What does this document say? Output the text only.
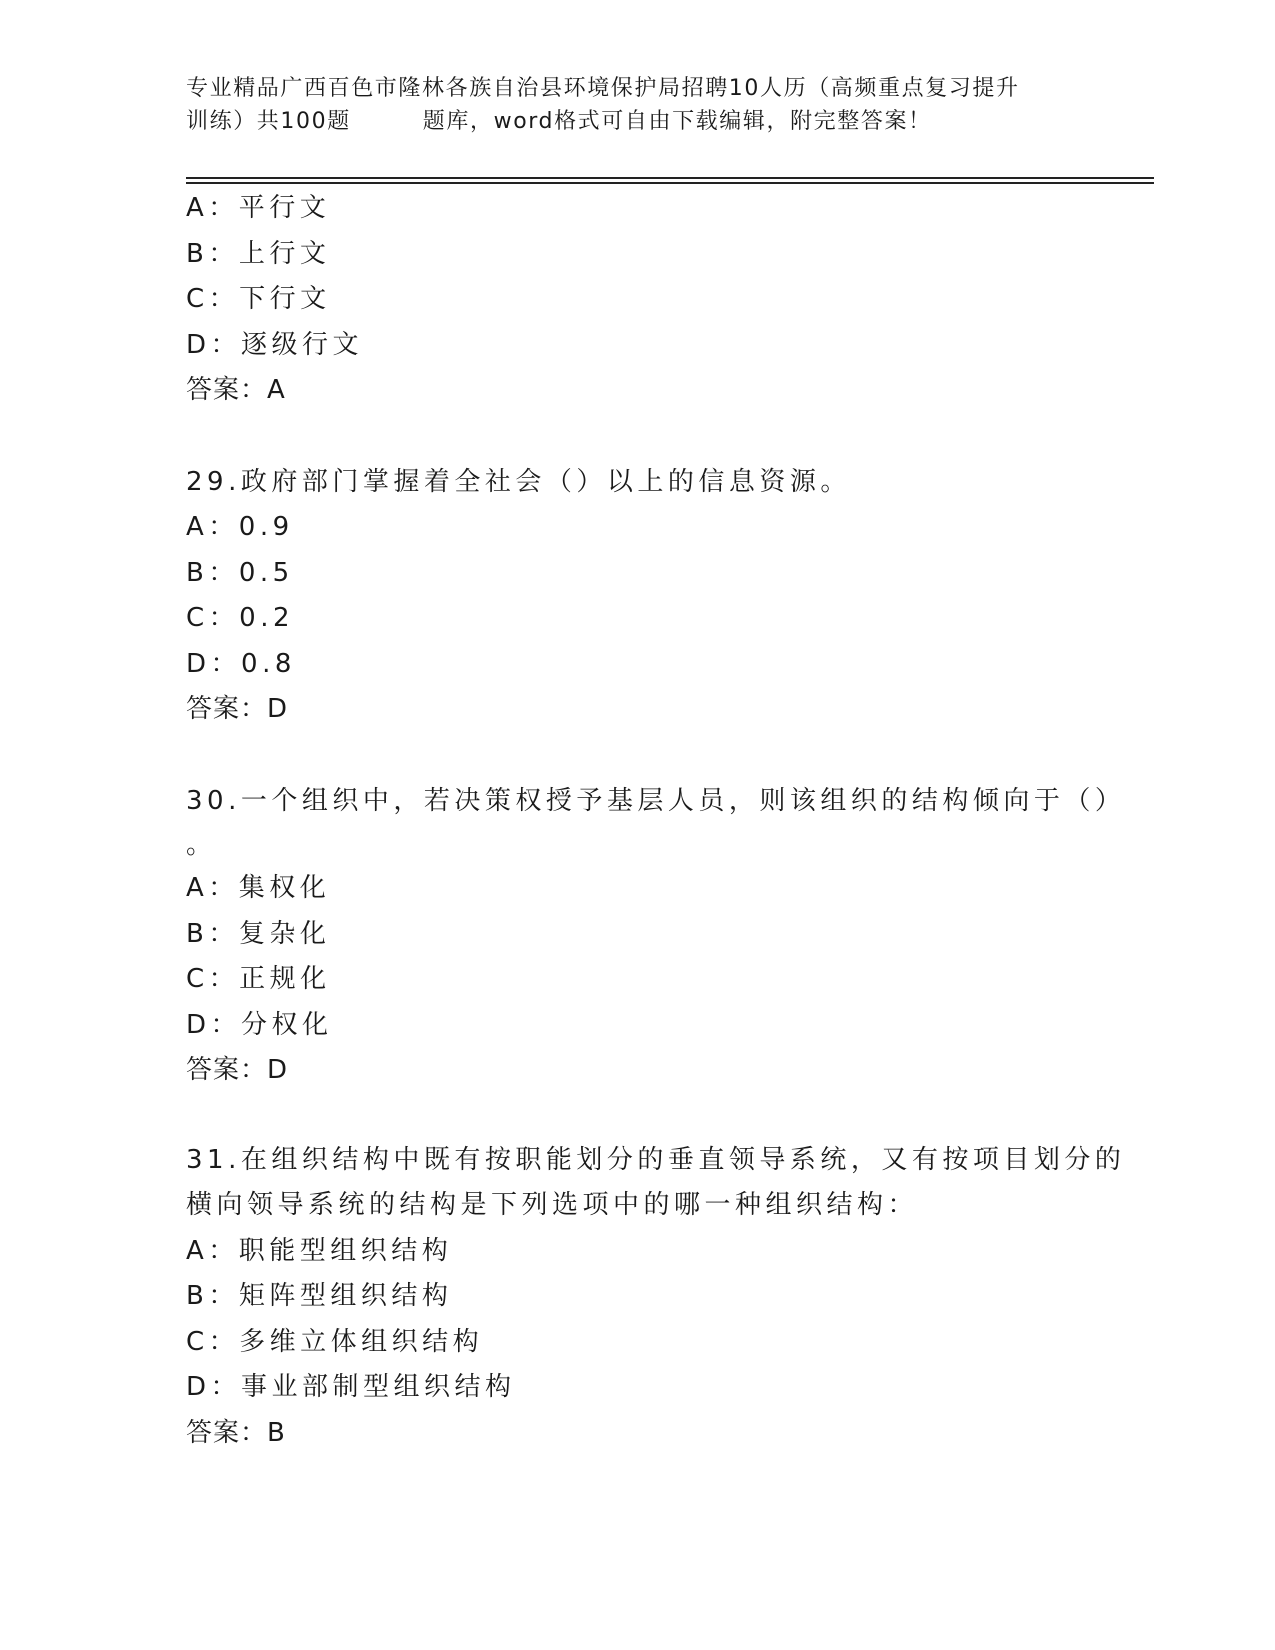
专业精品广西百色市隆林各族自治县环境保护局招聘10人历（高频重点复习提升
训练）共100题	题库，word格式可自由下载编辑，附完整答案！
A：平行文
B：上行文
C：下行文
D：逐级行文
答案：A
29.政府部门掌握着全社会（）以上的信息资源。
A：0.9
B：0.5
C：0.2
D：0.8
答案：D
30.一个组织中，若决策权授予基层人员，则该组织的结构倾向于（）
。
A：集权化
B：复杂化
C：正规化
D：分权化
答案：D
31.在组织结构中既有按职能划分的垂直领导系统，又有按项目划分的
横向领导系统的结构是下列选项中的哪一种组织结构：
A：职能型组织结构
B：矩阵型组织结构
C：多维立体组织结构
D：事业部制型组织结构
答案：B
